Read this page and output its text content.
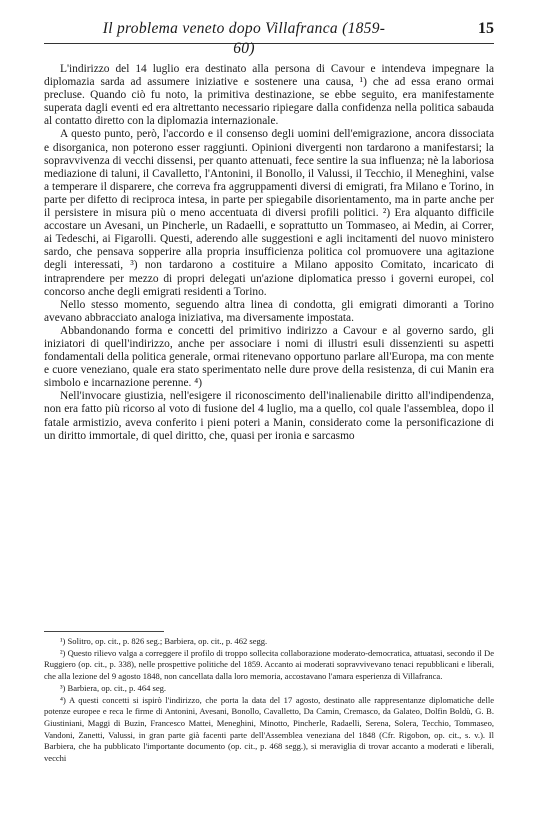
Il problema veneto dopo Villafranca (1859-60)
15

L'indirizzo del 14 luglio era destinato alla persona di Cavour e intendeva impegnare la diplomazia sarda ad assumere iniziative e sostenere una causa, ¹) che ad essa erano ormai precluse. Quando ciò fu noto, la primitiva destinazione, se ebbe seguito, era manifestamente superata dagli eventi ed era altrettanto necessario ripiegare dalla confidenza nella politica sabauda al contatto diretto con la diplomazia internazionale.

A questo punto, però, l'accordo e il consenso degli uomini dell'emigrazione, ancora dissociata e disorganica, non poterono esser raggiunti. Opinioni divergenti non tardarono a manifestarsi; la sopravvivenza di vecchi dissensi, per quanto attenuati, fece sentire la sua influenza; nè la laboriosa mediazione di taluni, il Cavalletto, l'Antonini, il Bonollo, il Valussi, il Tecchio, il Meneghini, valse a temperare il disparere, che correva fra aggruppamenti diversi di emigrati, fra Milano e Torino, in parte per difetto di reciproca intesa, in parte per spiegabile disorientamento, ma in parte anche per il persistere in misura più o meno accentuata di diversi profili politici. ²) Era alquanto difficile accostare un Avesani, un Pincherle, un Radaelli, e soprattutto un Tommaseo, ai Medin, ai Correr, ai Tedeschi, ai Figarolli. Questi, aderendo alle suggestioni e agli incitamenti del nuovo ministero sardo, che pensava sopperire alla propria insufficienza politica col promuovere una agitazione degli interessati, ³) non tardarono a costituire a Milano apposito Comitato, incaricato di intraprendere per mezzo di propri delegati un'azione diplomatica presso i governi europei, col concorso anche degli emigrati residenti a Torino.

Nello stesso momento, seguendo altra linea di condotta, gli emigrati dimoranti a Torino avevano abbracciato analoga iniziativa, ma diversamente impostata.

Abbandonando forma e concetti del primitivo indirizzo a Cavour e al governo sardo, gli iniziatori di quell'indirizzo, anche per associare i nomi di illustri esuli dissenzienti su aspetti fondamentali della politica generale, ormai ritenevano opportuno parlare all'Europa, ma con mente e cuore veneziano, quale era stato sperimentato nelle dure prove della resistenza, di cui Manin era simbolo e incarnazione perenne. ⁴)

Nell'invocare giustizia, nell'esigere il riconoscimento dell'inalienabile diritto all'indipendenza, non era fatto più ricorso al voto di fusione del 4 luglio, ma a quello, col quale l'assemblea, dopo il fatale armistizio, aveva conferito i pieni poteri a Manin, considerato come la personificazione di un diritto immortale, di quel diritto, che, quasi per ironia e sarcasmo

¹) Solitro, op. cit., p. 826 seg.; Barbiera, op. cit., p. 462 segg.

²) Questo rilievo valga a correggere il profilo di troppo sollecita collaborazione moderato-democratica, attuatasi, secondo il De Ruggiero (op. cit., p. 338), nelle prospettive politiche del 1859. Accanto ai moderati sopravvivevano tenaci repubblicani e liberali, che alla lezione del 9 agosto 1848, non cancellata dalla loro memoria, accostavano l'amara esperienza di Villafranca.

³) Barbiera, op. cit., p. 464 seg.

⁴) A questi concetti si ispirò l'indirizzo, che porta la data del 17 agosto, destinato alle rappresentanze diplomatiche delle potenze europee e reca le firme di Antonini, Avesani, Bonollo, Cavalletto, Da Camin, Cremasco, da Galateo, Dolfin Boldù, G. B. Giustiniani, Maggi di Buzin, Francesco Mattei, Meneghini, Minotto, Pincherle, Radaelli, Serena, Solera, Tecchio, Tommaseo, Vandoni, Zanetti, Valussi, in gran parte già facenti parte dell'Assemblea veneziana del 1848 (Cfr. Rigobon, op. cit., s. v.). Il Barbiera, che ha pubblicato l'importante documento (op. cit., p. 468 segg.), si meraviglia di trovar accanto a moderati e liberali, vecchi
